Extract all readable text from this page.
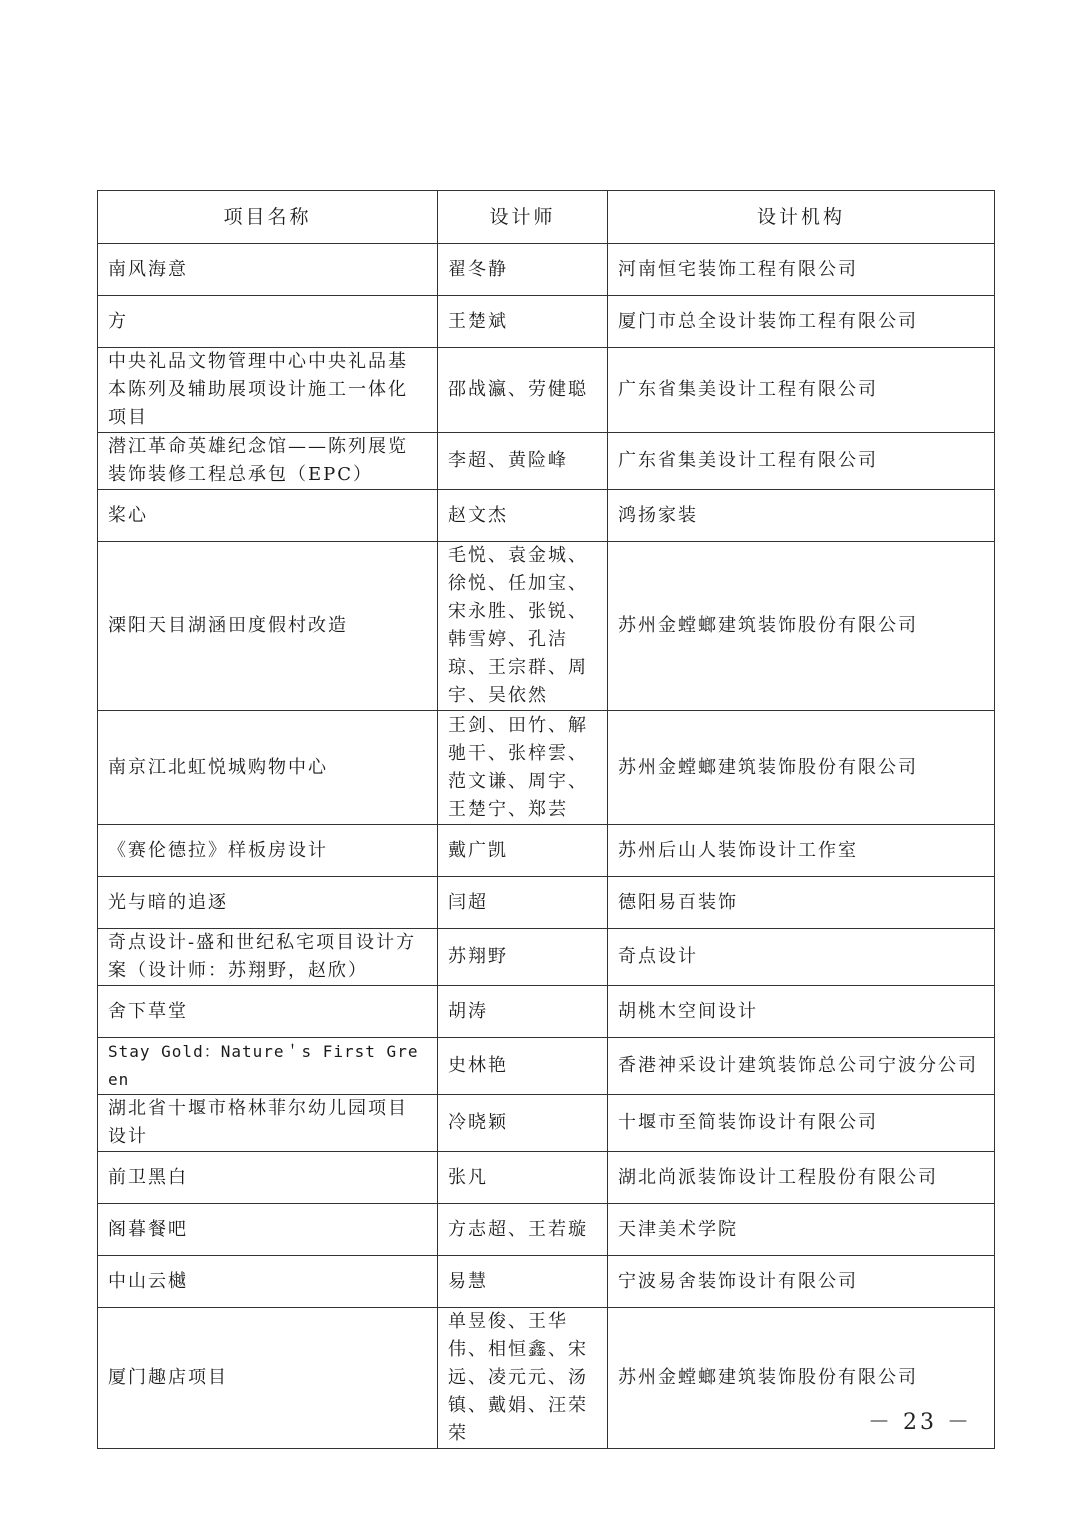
项目名称	设计师	设计机构
南风海意	翟冬静	河南恒宅装饰工程有限公司
方	王楚斌	厦门市总全设计装饰工程有限公司
中央礼品文物管理中心中央礼品基本陈列及辅助展项设计施工一体化项目	邵战瀛、劳健聪	广东省集美设计工程有限公司
潜江革命英雄纪念馆——陈列展览装饰装修工程总承包（EPC）	李超、黄险峰	广东省集美设计工程有限公司
桨心	赵文杰	鸿扬家装
溧阳天目湖涵田度假村改造	毛悦、袁金城、徐悦、任加宝、宋永胜、张锐、韩雪婷、孔洁琼、王宗群、周宇、吴依然	苏州金螳螂建筑装饰股份有限公司
南京江北虹悦城购物中心	王剑、田竹、解驰干、张梓雲、范文谦、周宇、王楚宁、郑芸	苏州金螳螂建筑装饰股份有限公司
《赛伦德拉》样板房设计	戴广凯	苏州后山人装饰设计工作室
光与暗的追逐	闫超	德阳易百装饰
奇点设计-盛和世纪私宅项目设计方案（设计师：苏翔野，赵欣）	苏翔野	奇点设计
舍下草堂	胡涛	胡桃木空间设计
Stay Gold：Nature＇s First Green	史林艳	香港神采设计建筑装饰总公司宁波分公司
湖北省十堰市格林菲尔幼儿园项目设计	冷晓颖	十堰市至简装饰设计有限公司
前卫黑白	张凡	湖北尚派装饰设计工程股份有限公司
阁暮餐吧	方志超、王若璇	天津美术学院
中山云樾	易慧	宁波易舍装饰设计有限公司
厦门趣店项目	单昱俊、王华伟、相恒鑫、宋远、凌元元、汤镇、戴娟、汪荣荣	苏州金螳螂建筑装饰股份有限公司
－ 23 －
